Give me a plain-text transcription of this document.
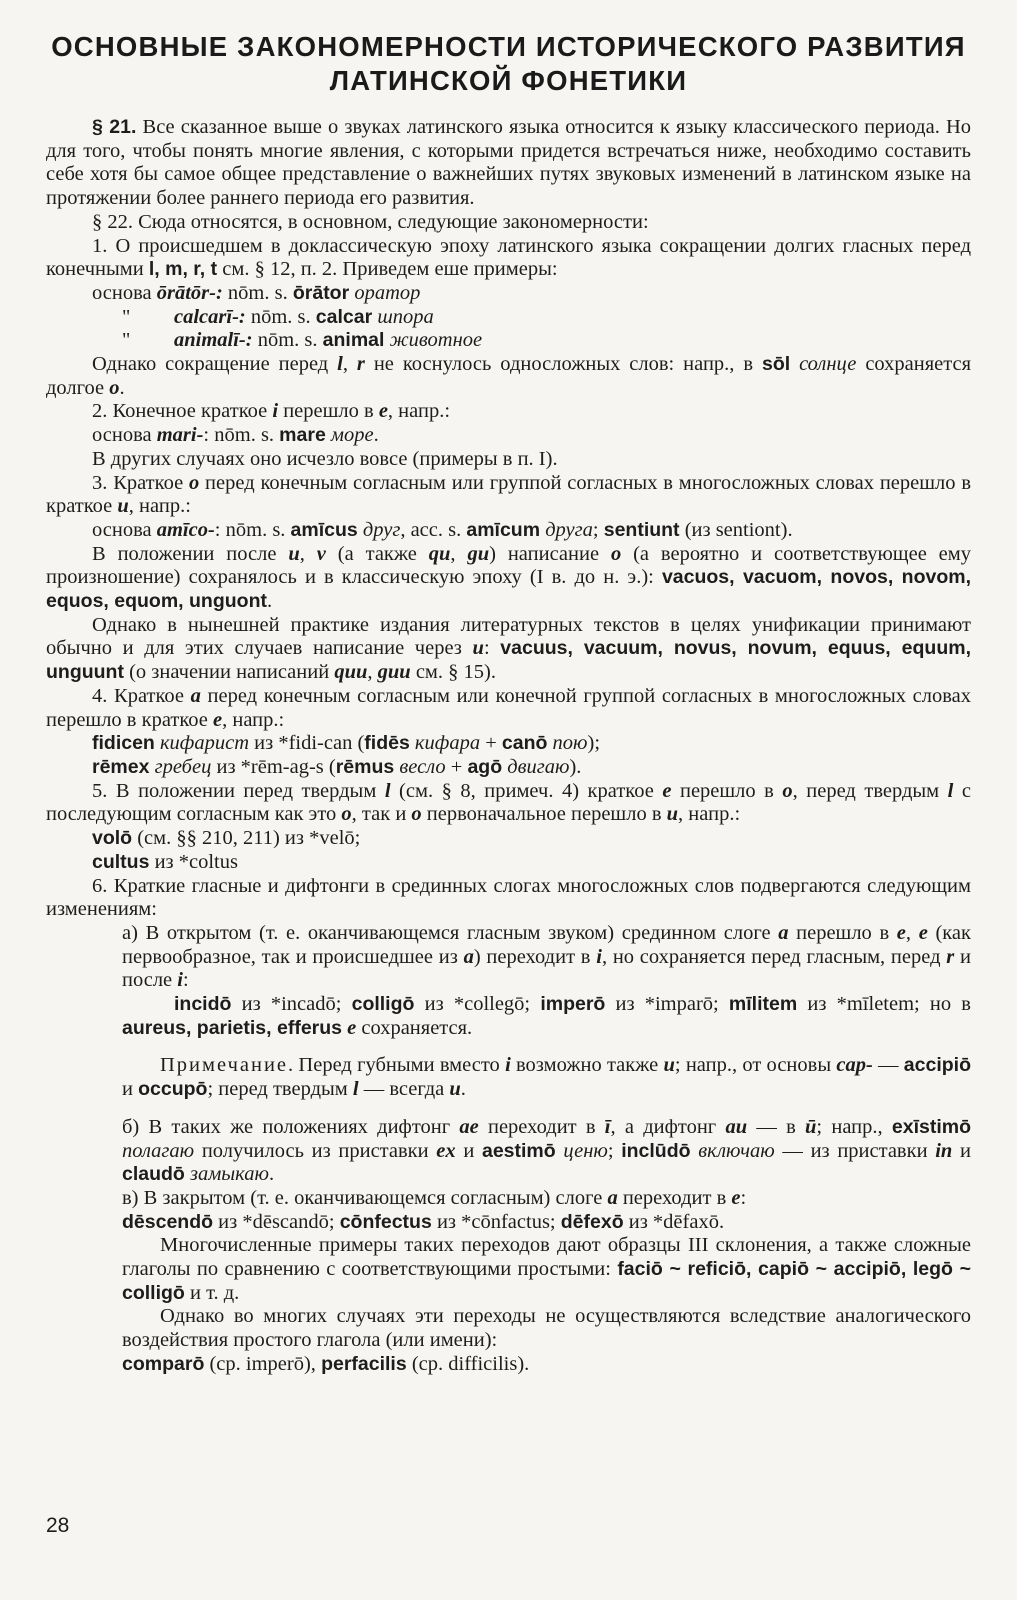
ОСНОВНЫЕ ЗАКОНОМЕРНОСТИ ИСТОРИЧЕСКОГО РАЗВИТИЯ
ЛАТИНСКОЙ ФОНЕТИКИ
§ 21. Все сказанное выше о звуках латинского языка относится к языку классического периода. Но для того, чтобы понять многие явления, с которыми придется встречаться ниже, необходимо составить себе хотя бы самое общее представление о важнейших путях звуковых изменений в латинском языке на протяжении более раннего периода его развития.
§ 22. Сюда относятся, в основном, следующие закономерности:
1. О происшедшем в доклассическую эпоху латинского языка сокращении долгих гласных перед конечными l, m, r, t см. § 12, п. 2. Приведем еше примеры:
основа ōrātōr-: nōm. s. ōrātor оратор
" calcarī-: nōm. s. calcar шпора
" animalī-: nōm. s. animal животное
Однако сокращение перед l, r не коснулось односложных слов: напр., в sōl солнце сохраняется долгое o.
2. Конечное краткое i перешло в e, напр.:
основа mari-: nōm. s. mare море.
В других случаях оно исчезло вовсе (примеры в п. I).
3. Краткое o перед конечным согласным или группой согласных в многосложных словах перешло в краткое u, напр.:
основа amīco-: nōm. s. amīcus друг, acc. s. amīcum друга; sentiunt (из sentiont).
В положении после u, v (а также qu, gu) написание o (а вероятно и соответствующее ему произношение) сохранялось и в классическую эпоху (I в. до н. э.): vacuos, vacuom, novos, novom, equos, equom, unguont.
Однако в нынешней практике издания литературных текстов в целях унификации принимают обычно и для этих случаев написание через u: vacuus, vacuum, novus, novum, equus, equum, unguunt (о значении написаний quu, guu см. § 15).
4. Краткое a перед конечным согласным или конечной группой согласных в многосложных словах перешло в краткое e, напр.:
fidicen кифарист из *fidi-can (fidēs кифара + canō пою);
rēmex гребец из *rēm-ag-s (rēmus весло + agō двигаю).
5. В положении перед твердым l (см. § 8, примеч. 4) краткое e перешло в o, перед твердым l с последующим согласным как это o, так и o первоначальное перешло в u, напр.:
volō (см. §§ 210, 211) из *velō;
cultus из *coltus
6. Краткие гласные и дифтонги в срединных слогах многосложных слов подвергаются следующим изменениям:
а) В открытом (т. е. оканчивающемся гласным звуком) срединном слоге a перешло в e, e (как первообразное, так и происшедшее из a) переходит в i, но сохраняется перед гласным, перед r и после i:
incidō из *incadō; colligō из *collegō; imperō из *imparō; mīlitem из *mīletem; но в aureus, parietis, efferus e сохраняется.
Примечание. Перед губными вместо i возможно также u; напр., от основы cap- — accipiō и occupō; перед твердым l — всегда u.
б) В таких же положениях дифтонг ae переходит в ī, а дифтонг au — в ū; напр., exīstimō полагаю получилось из приставки ex и aestimō ценю; inclūdō включаю — из приставки in и claudō замыкаю.
в) В закрытом (т. е. оканчивающемся согласным) слоге a переходит в e:
dēscendō из *dēscandō; cōnfectus из *cōnfactus; dēfexō из *dēfaxō.
Многочисленные примеры таких переходов дают образцы III склонения, а также сложные глаголы по сравнению с соответствующими простыми: faciō ~ reficiō, capiō ~ accipiō, legō ~ colligō и т. д.
Однако во многих случаях эти переходы не осуществляются вследствие аналогического воздействия простого глагола (или имени):
comparō (ср. imperō), perfacilis (ср. difficilis).
28
